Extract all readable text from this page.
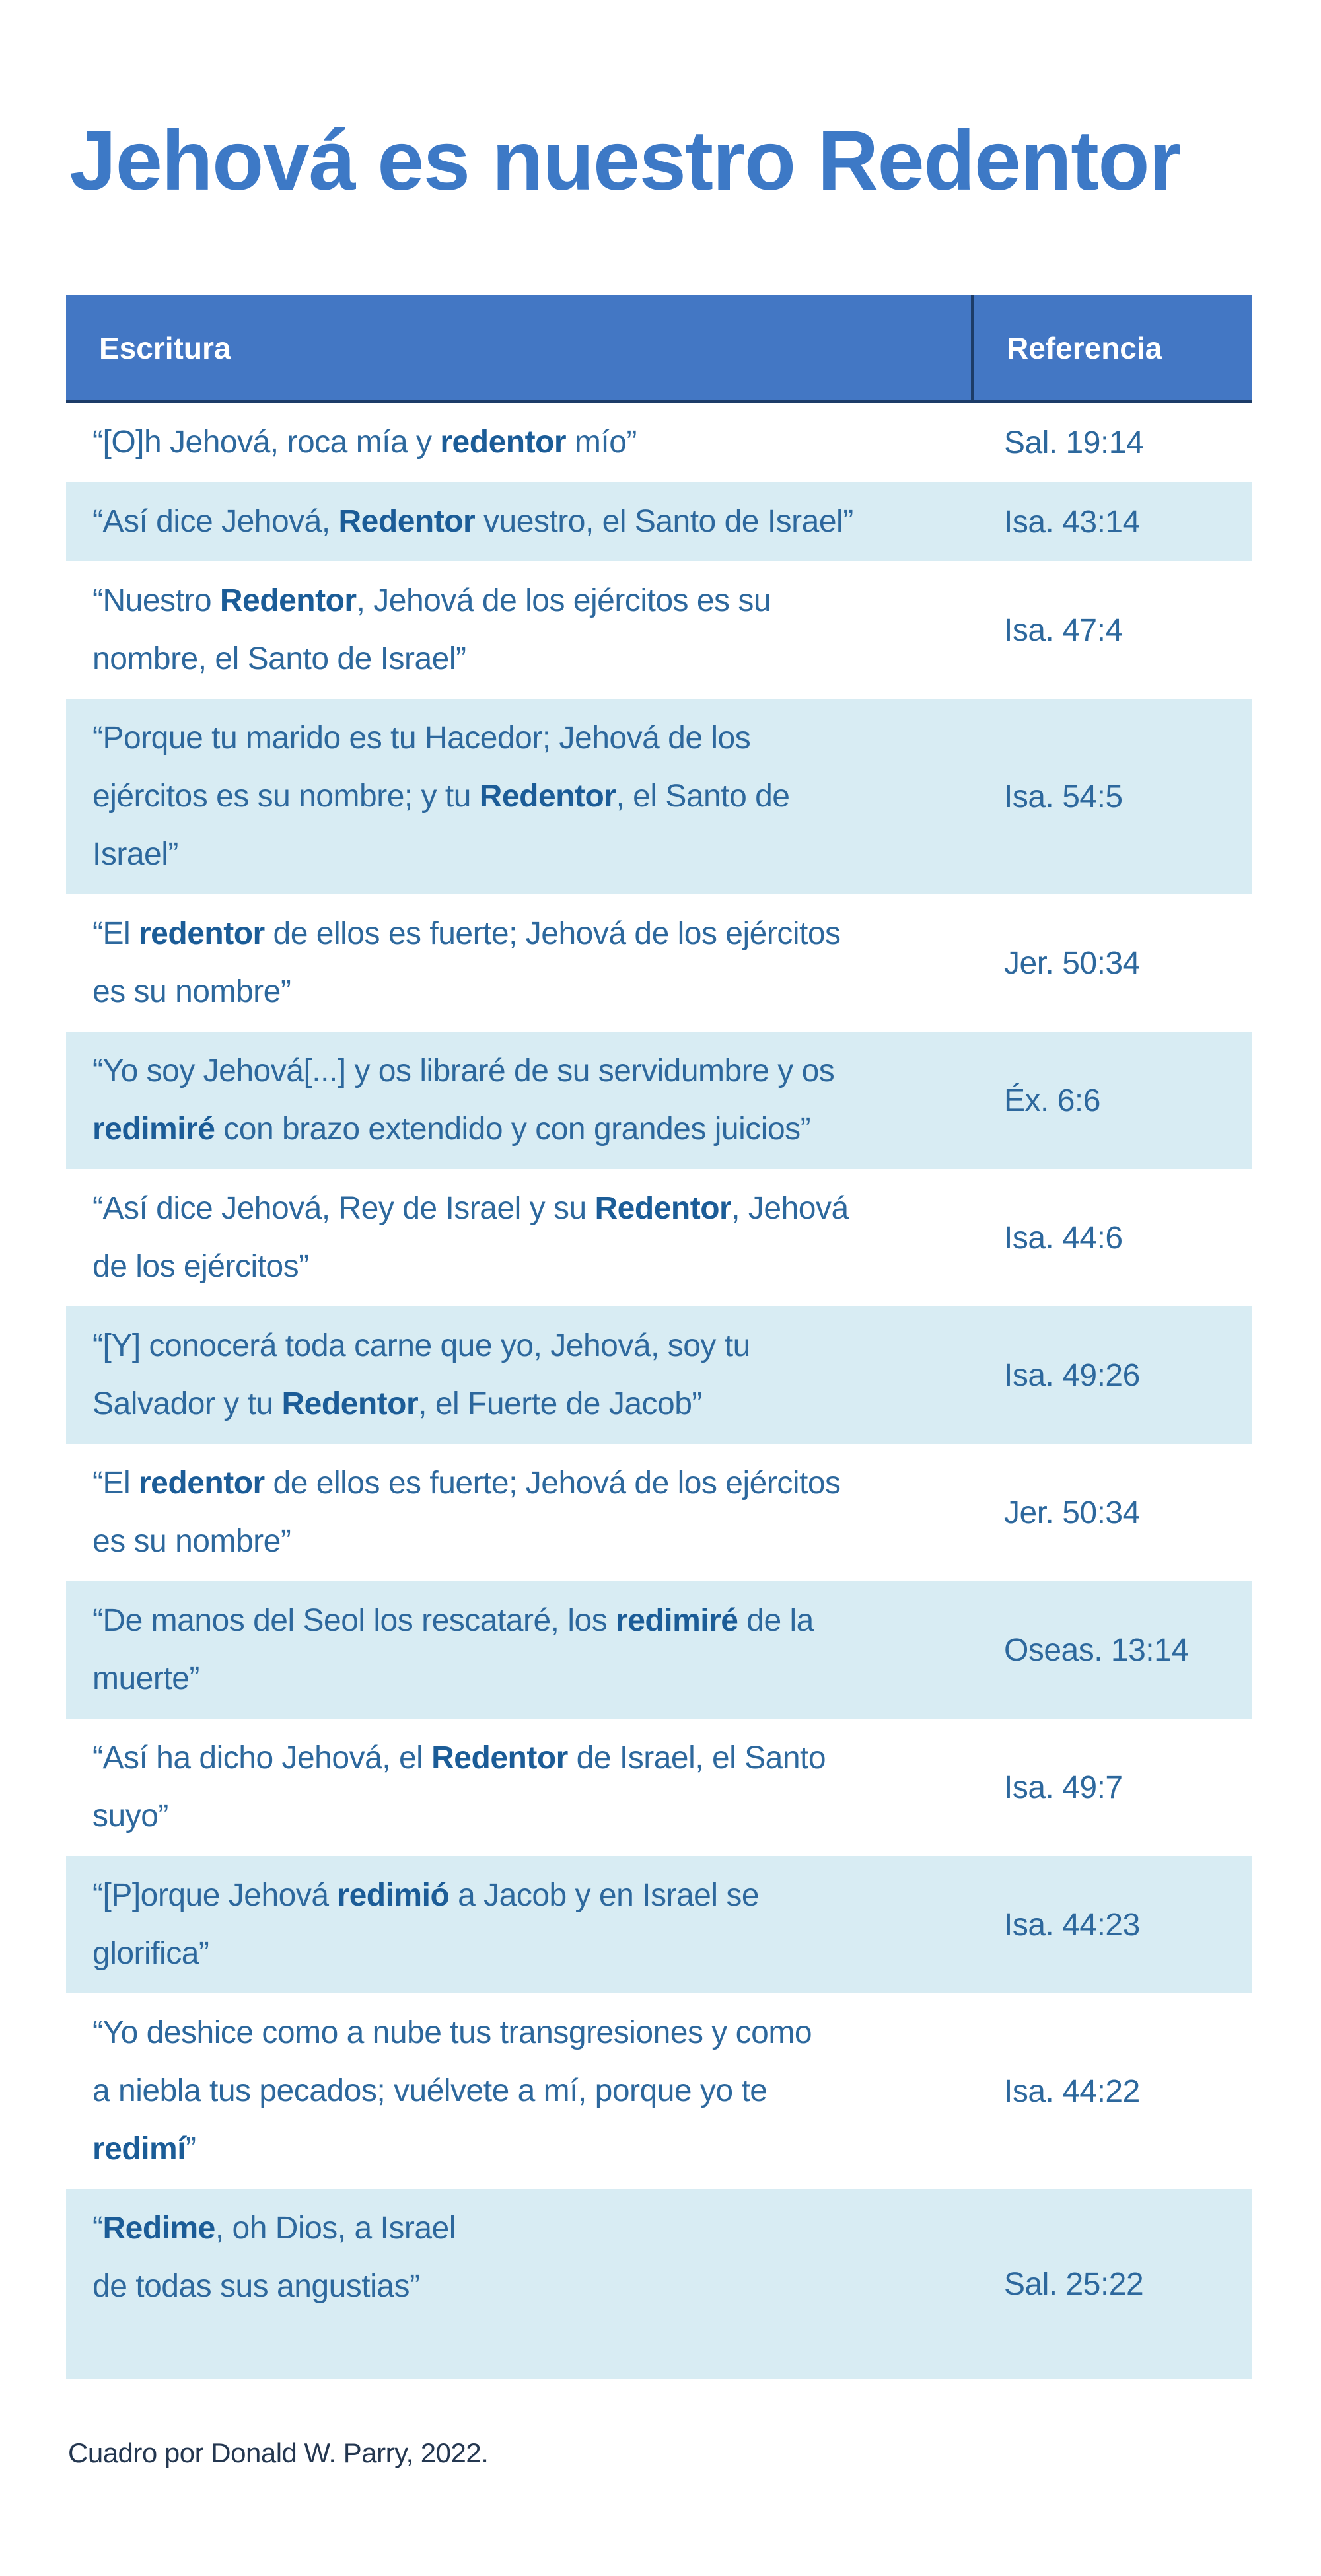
Jehová es nuestro Redentor
Escritura	Referencia
“[O]h Jehová, roca mía y redentor mío”	Sal. 19:14
“Así dice Jehová, Redentor vuestro, el Santo de Israel”	Isa. 43:14
“Nuestro Redentor, Jehová de los ejércitos es su
nombre, el Santo de Israel”
Isa. 47:4
“Porque tu marido es tu Hacedor; Jehová de los
ejércitos es su nombre; y tu Redentor, el Santo de
Israel”
Isa. 54:5
“El redentor de ellos es fuerte; Jehová de los ejércitos
es su nombre”
Jer. 50:34
“Yo soy Jehová[...] y os libraré de su servidumbre y os
redimiré con brazo extendido y con grandes juicios”
Éx. 6:6
“Así dice Jehová, Rey de Israel y su Redentor, Jehová
de los ejércitos”
Isa. 44:6
“[Y] conocerá toda carne que yo, Jehová, soy tu
Salvador y tu Redentor, el Fuerte de Jacob”
Isa. 49:26
“El redentor de ellos es fuerte; Jehová de los ejércitos
es su nombre”
Jer. 50:34
“De manos del Seol los rescataré, los redimiré de la
muerte”
Oseas. 13:14
“Así ha dicho Jehová, el Redentor de Israel, el Santo
suyo”
Isa. 49:7
“[P]orque Jehová redimió a Jacob y en Israel se
glorifica”
Isa. 44:23
“Yo deshice como a nube tus transgresiones y como
a niebla tus pecados; vuélvete a mí, porque yo te
redimí”
Isa. 44:22
“Redime, oh Dios, a Israel
de todas sus angustias”	Sal. 25:22
Cuadro por Donald W. Parry, 2022.
